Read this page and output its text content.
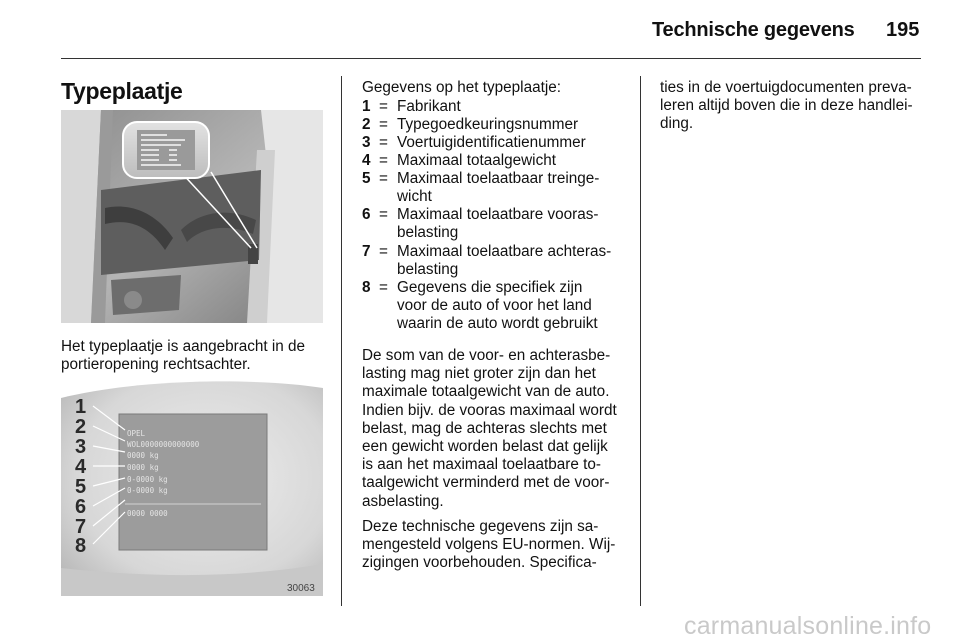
Technische gegevens 195
Typeplaatje
Het typeplaatje is aangebracht in de
portieropening rechtsachter.
OPEL
WOL0000000000000
0000 kg
0000 kg
0-0000 kg
0-0000 kg
0000 0000
1
2
3
4
5
6
7
8
30063
Gegevens op het typeplaatje:
1 = Fabrikant
2 = Typegoedkeuringsnummer
3 = Voertuigidentificatienummer
4 = Maximaal totaalgewicht
5 = Maximaal toelaatbaar treinge-
wicht
6 = Maximaal toelaatbare vooras-
belasting
7 = Maximaal toelaatbare achteras-
belasting
8 = Gegevens die specifiek zijn
voor de auto of voor het land
waarin de auto wordt gebruikt
De som van de voor- en achterasbe-
lasting mag niet groter zijn dan het
maximale totaalgewicht van de auto.
Indien bijv. de vooras maximaal wordt
belast, mag de achteras slechts met
een gewicht worden belast dat gelijk
is aan het maximaal toelaatbare to-
taalgewicht verminderd met de voor-
asbelasting.
Deze technische gegevens zijn sa-
mengesteld volgens EU-normen. Wij-
zigingen voorbehouden. Specifica-
ties in de voertuigdocumenten preva-
leren altijd boven die in deze handlei-
ding.
carmanualsonline.info
